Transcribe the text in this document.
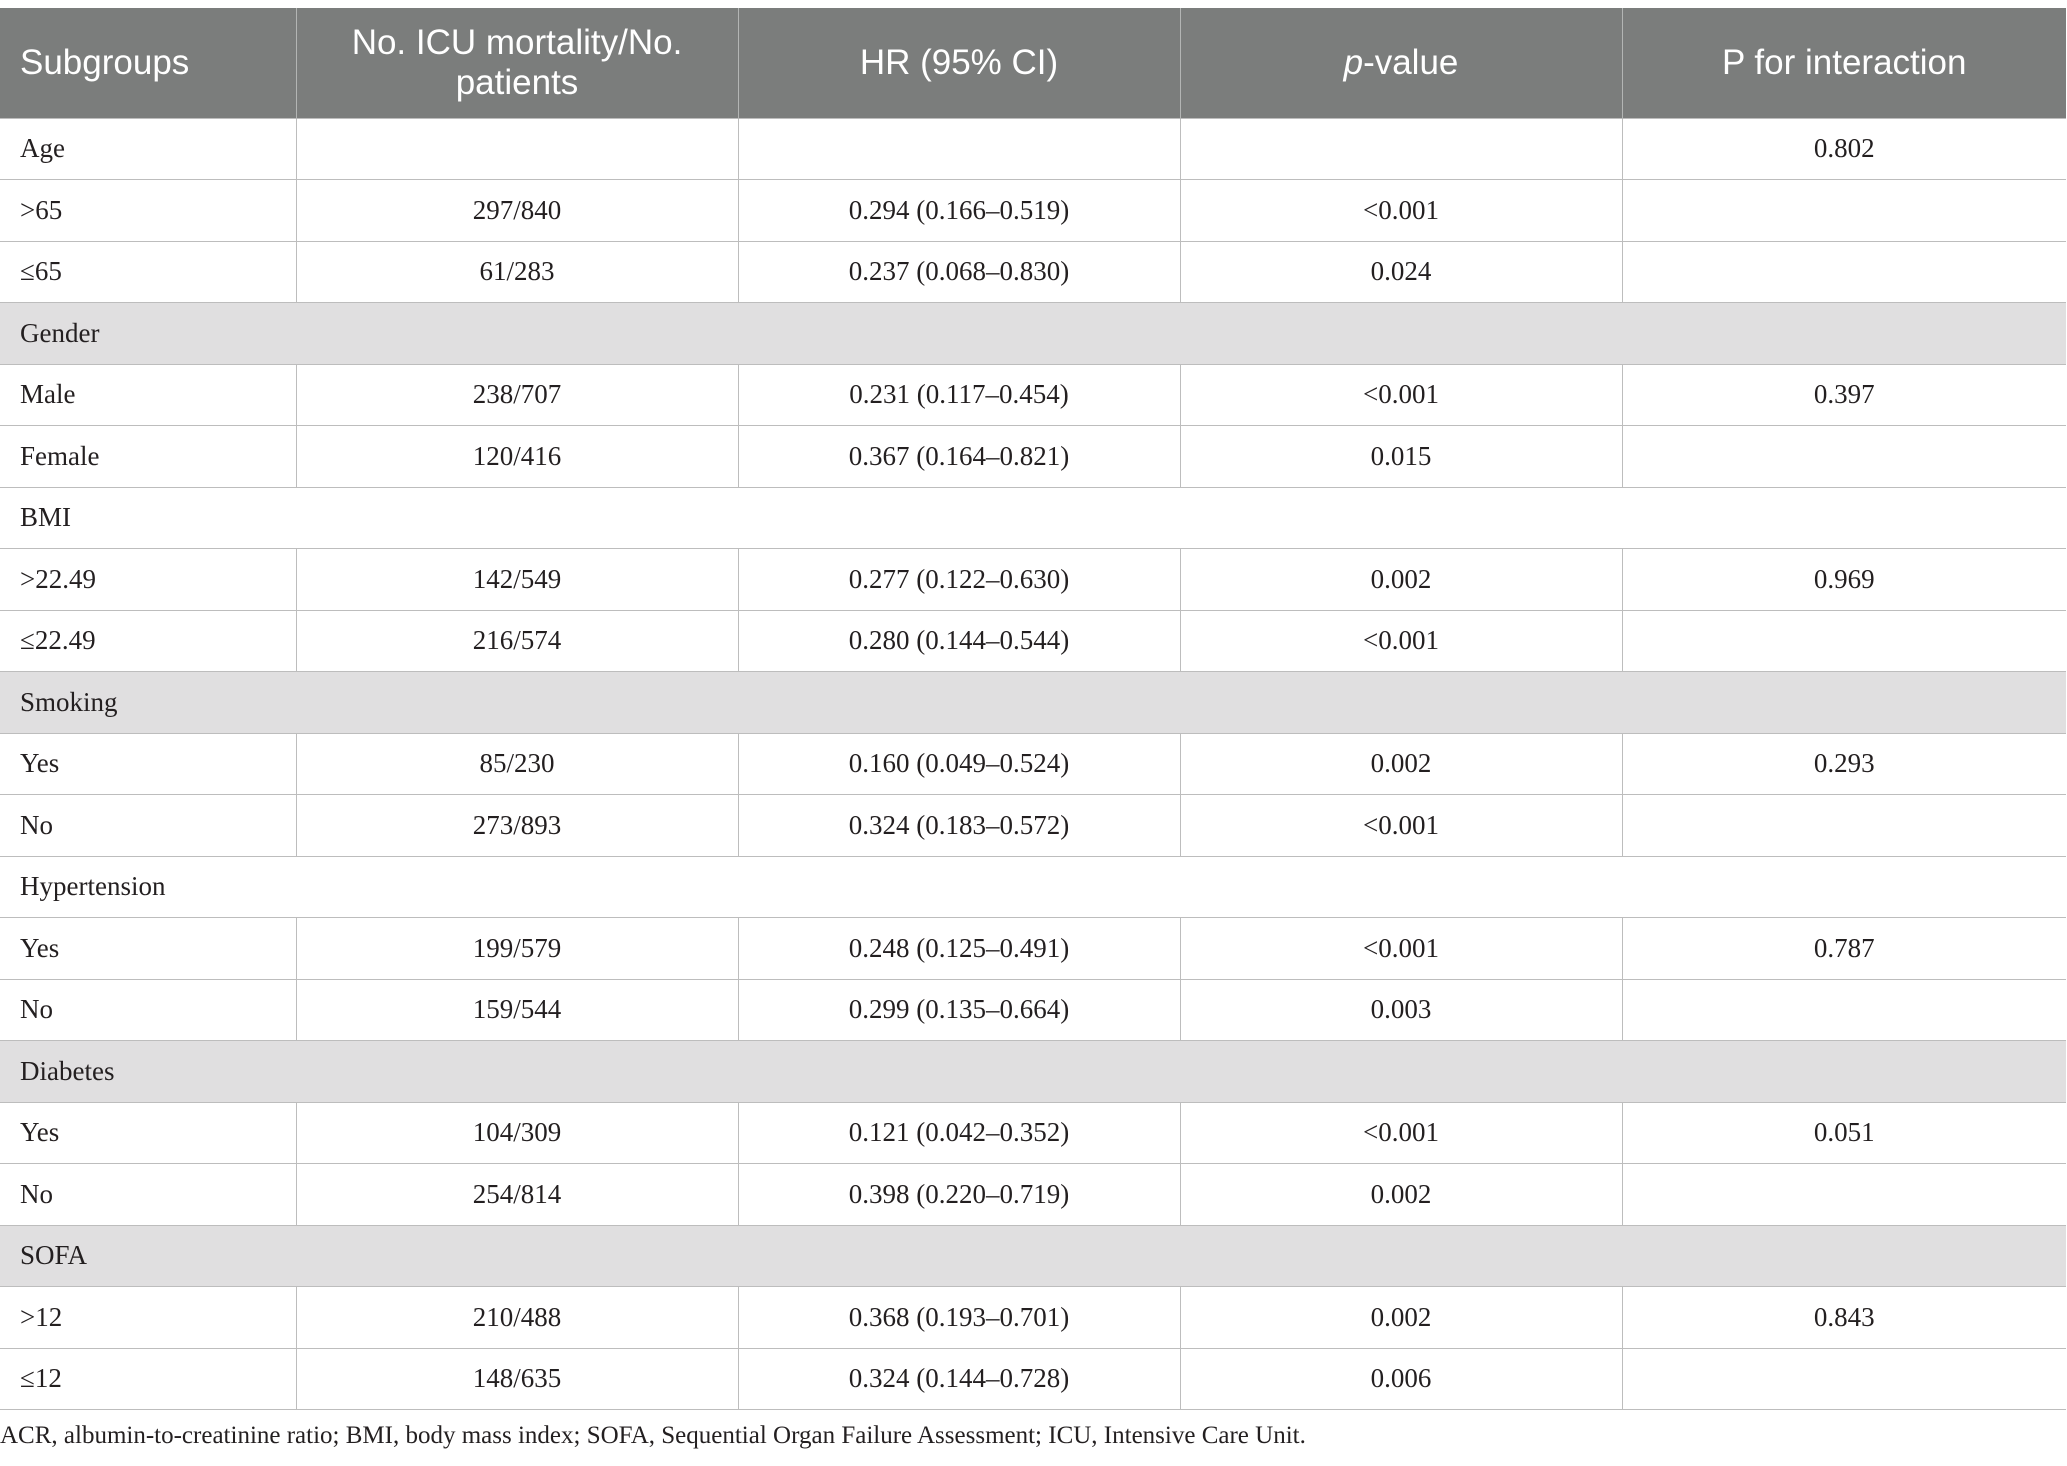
Subgroups	No. ICU mortality/No.
patients	HR (95% CI)	p-value	P for interaction
Age				0.802
>65	297/840	0.294 (0.166–0.519)	<0.001	
≤65	61/283	0.237 (0.068–0.830)	0.024	
Gender				
Male	238/707	0.231 (0.117–0.454)	<0.001	0.397
Female	120/416	0.367 (0.164–0.821)	0.015	
BMI				
>22.49	142/549	0.277 (0.122–0.630)	0.002	0.969
≤22.49	216/574	0.280 (0.144–0.544)	<0.001	
Smoking				
Yes	85/230	0.160 (0.049–0.524)	0.002	0.293
No	273/893	0.324 (0.183–0.572)	<0.001	
Hypertension				
Yes	199/579	0.248 (0.125–0.491)	<0.001	0.787
No	159/544	0.299 (0.135–0.664)	0.003	
Diabetes				
Yes	104/309	0.121 (0.042–0.352)	<0.001	0.051
No	254/814	0.398 (0.220–0.719)	0.002	
SOFA				
>12	210/488	0.368 (0.193–0.701)	0.002	0.843
≤12	148/635	0.324 (0.144–0.728)	0.006	
ACR, albumin-to-creatinine ratio; BMI, body mass index; SOFA, Sequential Organ Failure Assessment; ICU, Intensive Care Unit.
